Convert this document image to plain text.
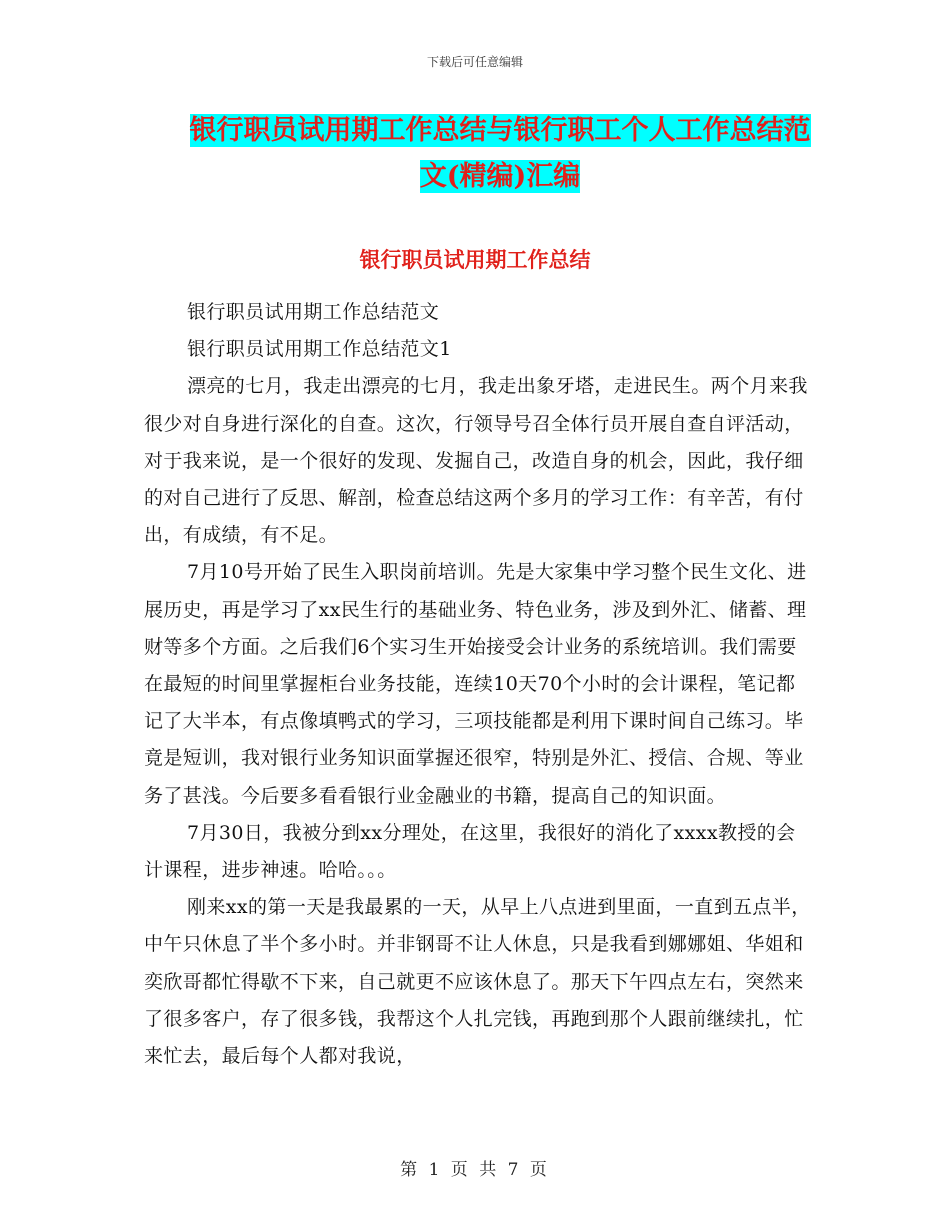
下载后可任意编辑
银行职员试用期工作总结与银行职工个人工作总结范
文(精编)汇编
银行职员试用期工作总结

银行职员试用期工作总结范文

银行职员试用期工作总结范文1

漂亮的七月，我走出漂亮的七月，我走出象牙塔，走进民生。两个月来我很少对自身进行深化的自查。这次，行领导号召全体行员开展自查自评活动，对于我来说，是一个很好的发现、发掘自己，改造自身的机会，因此，我仔细的对自己进行了反思、解剖，检查总结这两个多月的学习工作：有辛苦，有付出，有成绩，有不足。

7月10号开始了民生入职岗前培训。先是大家集中学习整个民生文化、进展历史，再是学习了xx民生行的基础业务、特色业务，涉及到外汇、储蓄、理财等多个方面。之后我们6个实习生开始接受会计业务的系统培训。我们需要在最短的时间里掌握柜台业务技能，连续10天70个小时的会计课程，笔记都记了大半本，有点像填鸭式的学习，三项技能都是利用下课时间自己练习。毕竟是短训，我对银行业务知识面掌握还很窄，特别是外汇、授信、合规、等业务了甚浅。今后要多看看银行业金融业的书籍，提高自己的知识面。

7月30日，我被分到xx分理处，在这里，我很好的消化了xxxx教授的会计课程，进步神速。哈哈。。。

刚来xx的第一天是我最累的一天，从早上八点进到里面，一直到五点半，中午只休息了半个多小时。并非钢哥不让人休息，只是我看到娜娜姐、华姐和奕欣哥都忙得歇不下来，自己就更不应该休息了。那天下午四点左右，突然来了很多客户，存了很多钱，我帮这个人扎完钱，再跑到那个人跟前继续扎，忙来忙去，最后每个人都对我说，

第 1 页 共 7 页
